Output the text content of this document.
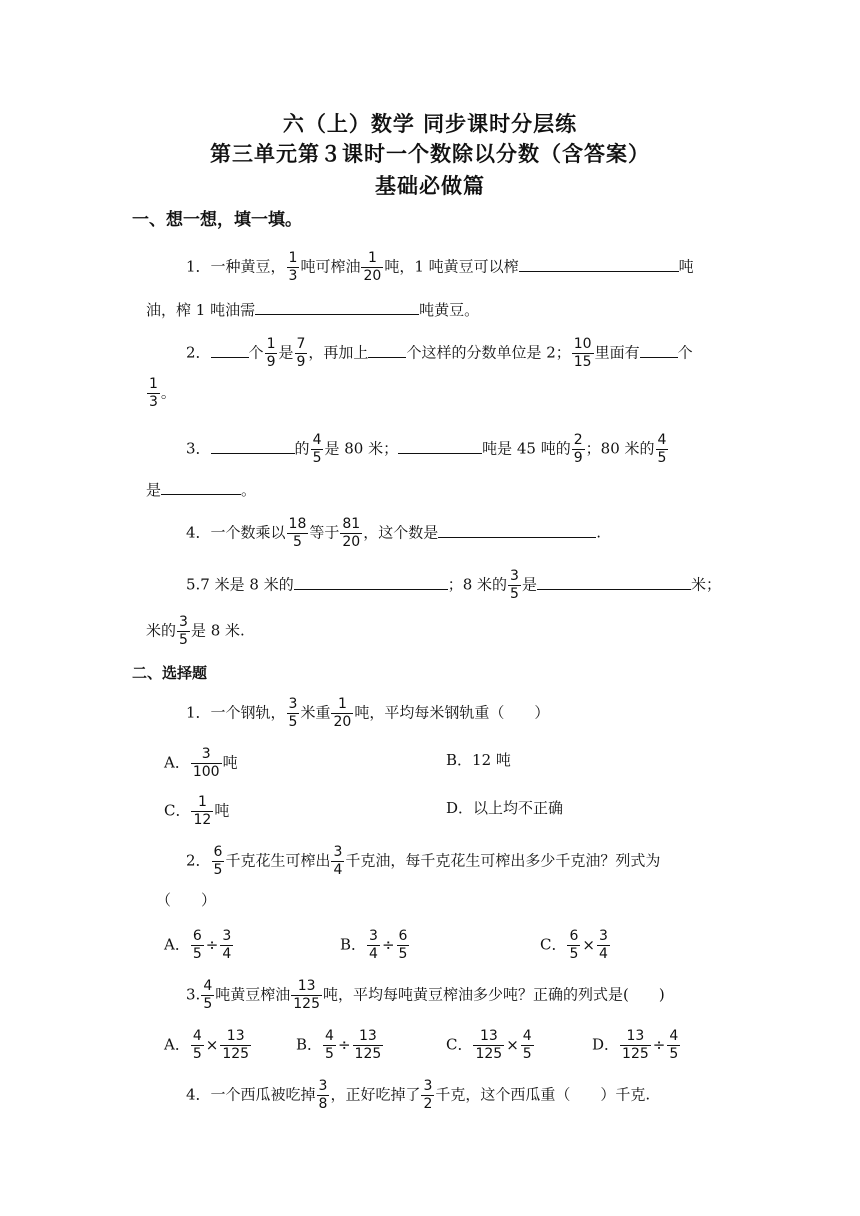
六（上）数学 同步课时分层练
第三单元第３课时一个数除以分数（含答案）
基础必做篇
一、想一想，填一填。
1．一种黄豆， $\frac{1}{3}$ 吨可榨油 $\frac{1}{20}$ 吨，1 吨黄豆可以榨	吨
油，榨 1 吨油需	吨黄豆。
2．	个 $\frac{1}{9}$ 是 $\frac{7}{9}$ ，再加上	个这样的分数单位是 2； $\frac{10}{15}$ 里面有	个
$\frac{1}{3}$ 。
3．	的 $\frac{4}{5}$ 是 80 米；	吨是 45 吨的 $\frac{2}{9}$ ；80 米的 $\frac{4}{5}$
是	。
4．一个数乘以 $\frac{18}{5}$ 等于 $\frac{81}{20}$ ，这个数是	.
5.7 米是 8 米的	；8 米的 $\frac{3}{5}$ 是	米；
米的 $\frac{3}{5}$ 是 8 米.
二、选择题
1．一个钢轨， $\frac{3}{5}$ 米重 $\frac{1}{20}$ 吨，平均每米钢轨重（　　）
A． $\frac{3}{100}$ 吨	B．12 吨
C． $\frac{1}{12}$ 吨	D．以上均不正确
2． $\frac{6}{5}$ 千克花生可榨出 $\frac{3}{4}$ 千克油，每千克花生可榨出多少千克油？列式为
（　　）
A． $\frac{6}{5} \div \frac{3}{4}$	B． $\frac{3}{4} \div \frac{6}{5}$	C． $\frac{6}{5} \times \frac{3}{4}$
3. $\frac{4}{5}$ 吨黄豆榨油 $\frac{13}{125}$ 吨，平均每吨黄豆榨油多少吨？正确的列式是(　　)
A． $\frac{4}{5} \times \frac{13}{125}$	B． $\frac{4}{5} \div \frac{13}{125}$	C． $\frac{13}{125} \times \frac{4}{5}$	D． $\frac{13}{125} \div \frac{4}{5}$
4．一个西瓜被吃掉 $\frac{3}{8}$ ，正好吃掉了 $\frac{3}{2}$ 千克，这个西瓜重（　　）千克.
